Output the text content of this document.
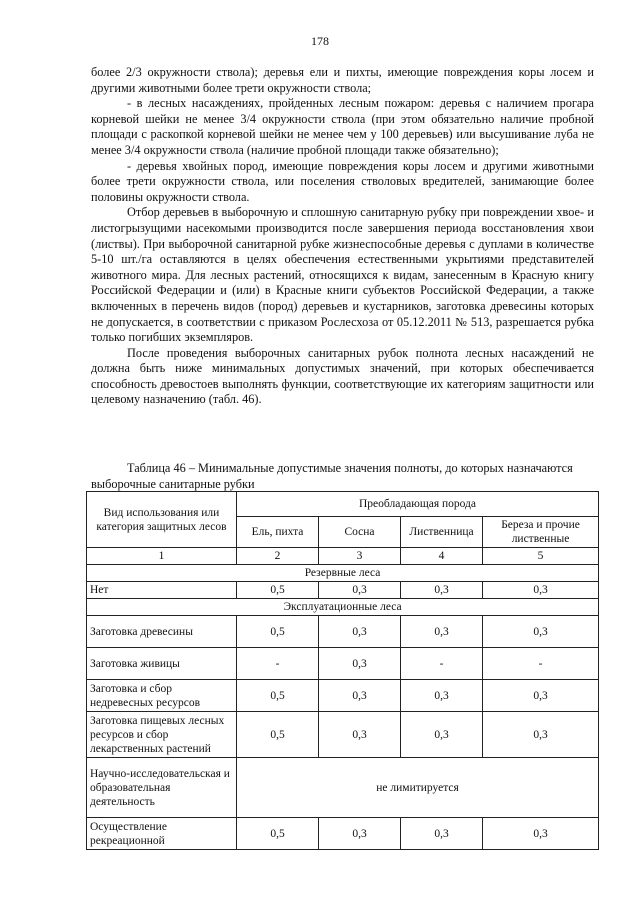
178

более 2/3 окружности ствола); деревья ели и пихты, имеющие повреждения коры лосем и другими животными более трети окружности ствола;

- в лесных насаждениях, пройденных лесным пожаром: деревья с наличием прогара корневой шейки не менее 3/4 окружности ствола (при этом обязательно наличие пробной площади с раскопкой корневой шейки не менее чем у 100 деревьев) или высушивание луба не менее 3/4 окружности ствола (наличие пробной площади также обязательно);

- деревья хвойных пород, имеющие повреждения коры лосем и другими животными более трети окружности ствола, или поселения стволовых вредителей, занимающие более половины окружности ствола.

Отбор деревьев в выборочную и сплошную санитарную рубку при повреждении хвое- и листогрызущими насекомыми производится после завершения периода восстановления хвои (листвы). При выборочной санитарной рубке жизнеспособные деревья с дуплами в количестве 5-10 шт./га оставляются в целях обеспечения естественными укрытиями представителей животного мира. Для лесных растений, относящихся к видам, занесенным в Красную книгу Российской Федерации и (или) в Красные книги субъектов Российской Федерации, а также включенных в перечень видов (пород) деревьев и кустарников, заготовка древесины которых не допускается, в соответствии с приказом Рослесхоза от 05.12.2011 № 513, разрешается рубка только погибших экземпляров.

После проведения выборочных санитарных рубок полнота лесных насаждений не должна быть ниже минимальных допустимых значений, при которых обеспечивается способность древостоев выполнять функции, соответствующие их категориям защитности или целевому назначению (табл. 46).

Таблица 46 – Минимальные допустимые значения полноты, до которых назначаются выборочные санитарные рубки

Вид использования или категория защитных лесов	Преобладающая порода			
	Ель, пихта	Сосна	Лиственница	Береза и прочие лиственные
1	2	3	4	5
Резервные леса				
Нет	0,5	0,3	0,3	0,3
Эксплуатационные леса				
Заготовка древесины	0,5	0,3	0,3	0,3
Заготовка живицы	-	0,3	-	-
Заготовка и сбор недревесных ресурсов	0,5	0,3	0,3	0,3
Заготовка пищевых лесных ресурсов и сбор лекарственных растений	0,5	0,3	0,3	0,3
Научно-исследовательская и образовательная деятельность	не лимитируется			
Осуществление рекреационной	0,5	0,3	0,3	0,3
